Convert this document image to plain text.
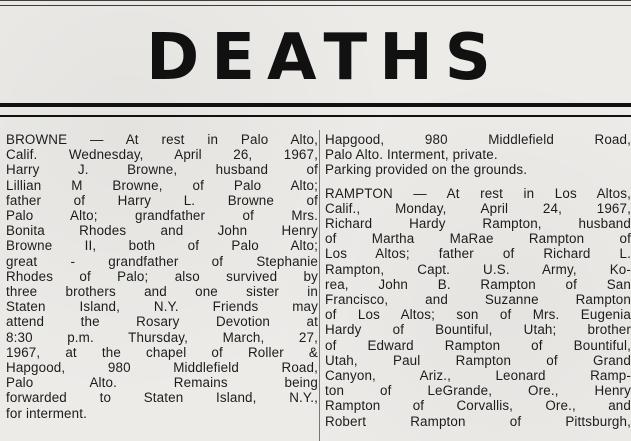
DEATHS
BROWNE — At rest in Palo Alto,
Calif. Wednesday, April 26, 1967,
Harry J. Browne, husband of
Lillian M Browne, of Palo Alto;
father of Harry L. Browne of
Palo Alto; grandfather of Mrs.
Bonita Rhodes and John Henry
Browne II, both of Palo Alto;
great - grandfather of Stephanie
Rhodes of Palo; also survived by
three brothers and one sister in
Staten Island, N.Y. Friends may
attend the Rosary Devotion at
8:30 p.m. Thursday, March, 27,
1967, at the chapel of Roller &
Hapgood, 980 Middlefield Road,
Palo Alto. Remains being
forwarded to Staten Island, N.Y.,
for interment.
Hapgood, 980 Middlefield Road,
Palo Alto. Interment, private.
Parking provided on the grounds.
RAMPTON — At rest in Los Altos,
Calif., Monday, April 24, 1967,
Richard Hardy Rampton, husband
of Martha MaRae Rampton of
Los Altos; father of Richard L.
Rampton, Capt. U.S. Army, Ko-
rea, John B. Rampton of San
Francisco, and Suzanne Rampton
of Los Altos; son of Mrs. Eugenia
Hardy of Bountiful, Utah; brother
of Edward Rampton of Bountiful,
Utah, Paul Rampton of Grand
Canyon, Ariz., Leonard Ramp-
ton of LeGrande, Ore., Henry
Rampton of Corvallis, Ore., and
Robert Rampton of Pittsburgh,
